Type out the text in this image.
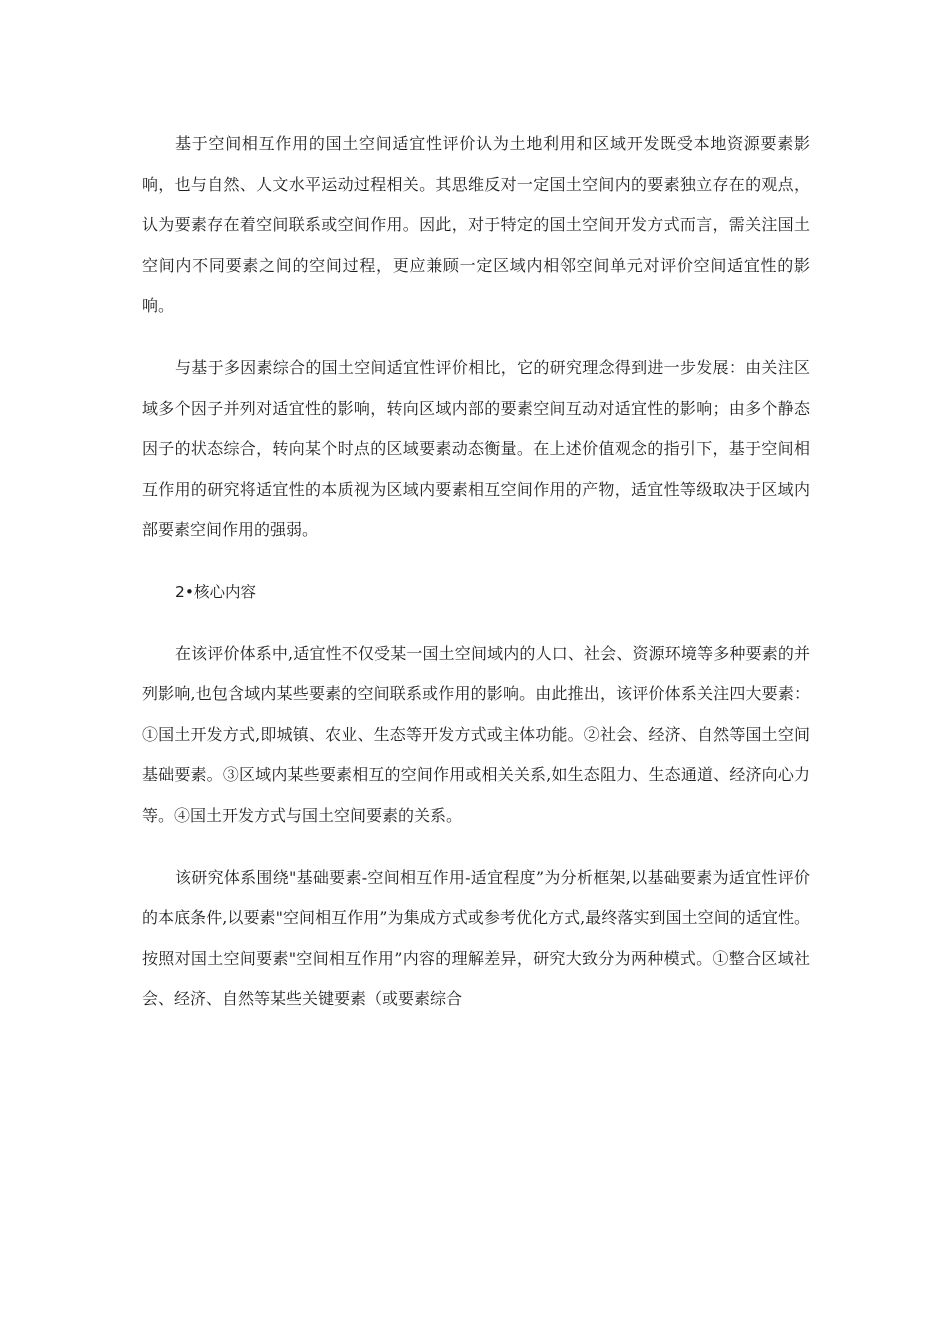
基于空间相互作用的国土空间适宜性评价认为土地利用和区域开发既受本地资源要素影响，也与自然、人文水平运动过程相关。其思维反对一定国土空间内的要素独立存在的观点，认为要素存在着空间联系或空间作用。因此，对于特定的国土空间开发方式而言，需关注国土空间内不同要素之间的空间过程，更应兼顾一定区域内相邻空间单元对评价空间适宜性的影响。

与基于多因素综合的国土空间适宜性评价相比，它的研究理念得到进一步发展：由关注区域多个因子并列对适宜性的影响，转向区域内部的要素空间互动对适宜性的影响；由多个静态因子的状态综合，转向某个时点的区域要素动态衡量。在上述价值观念的指引下，基于空间相互作用的研究将适宜性的本质视为区域内要素相互空间作用的产物，适宜性等级取决于区域内部要素空间作用的强弱。

2•核心内容

在该评价体系中,适宜性不仅受某一国土空间域内的人口、社会、资源环境等多种要素的并列影响,也包含域内某些要素的空间联系或作用的影响。由此推出，该评价体系关注四大要素：①国土开发方式,即城镇、农业、生态等开发方式或主体功能。②社会、经济、自然等国土空间基础要素。③区域内某些要素相互的空间作用或相关关系,如生态阻力、生态通道、经济向心力等。④国土开发方式与国土空间要素的关系。

该研究体系围绕"基础要素-空间相互作用-适宜程度”为分析框架,以基础要素为适宜性评价的本底条件,以要素"空间相互作用”为集成方式或参考优化方式,最终落实到国土空间的适宜性。按照对国土空间要素"空间相互作用”内容的理解差异，研究大致分为两种模式。①整合区域社会、经济、自然等某些关键要素（或要素综合
